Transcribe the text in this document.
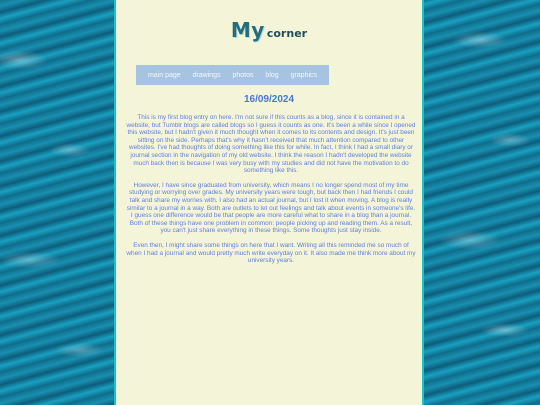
My corner
main page drawings photos blog graphics
16/09/2024

This is my first blog entry on here. I'm not sure if this counts as a blog, since it is contained in a website, but Tumblr blogs are called blogs so I guess it counts as one. It's been a while since I opened this website, but I hadn't given it much thought when it comes to its contents and design. It's just been sitting on the side. Perhaps that's why it hasn't received that much attention compared to other websites. I've had thoughts of doing something like this for while. In fact, I think I had a small diary or journal section in the navigation of my old website. I think the reason I hadn't developed the website much back then is because I was very busy with my studies and did not have the motivation to do something like this.

However, I have since graduated from university, which means I no longer spend most of my time studying or worrying over grades. My university years were tough, but back then I had friends I could talk and share my worries with. I also had an actual journal, but I lost it when moving. A blog is really similar to a journal in a way. Both are outlets to let out feelings and talk about events in someone's life. I guess one difference would be that people are more careful what to share in a blog than a journal. Both of these things have one problem in common: people picking up and reading them. As a result, you can't just share everything in these things. Some thoughts just stay inside.

Even then, I might share some things on here that I want. Writing all this reminded me so much of when I had a journal and would pretty much write everyday on it. It also made me think more about my university years.
